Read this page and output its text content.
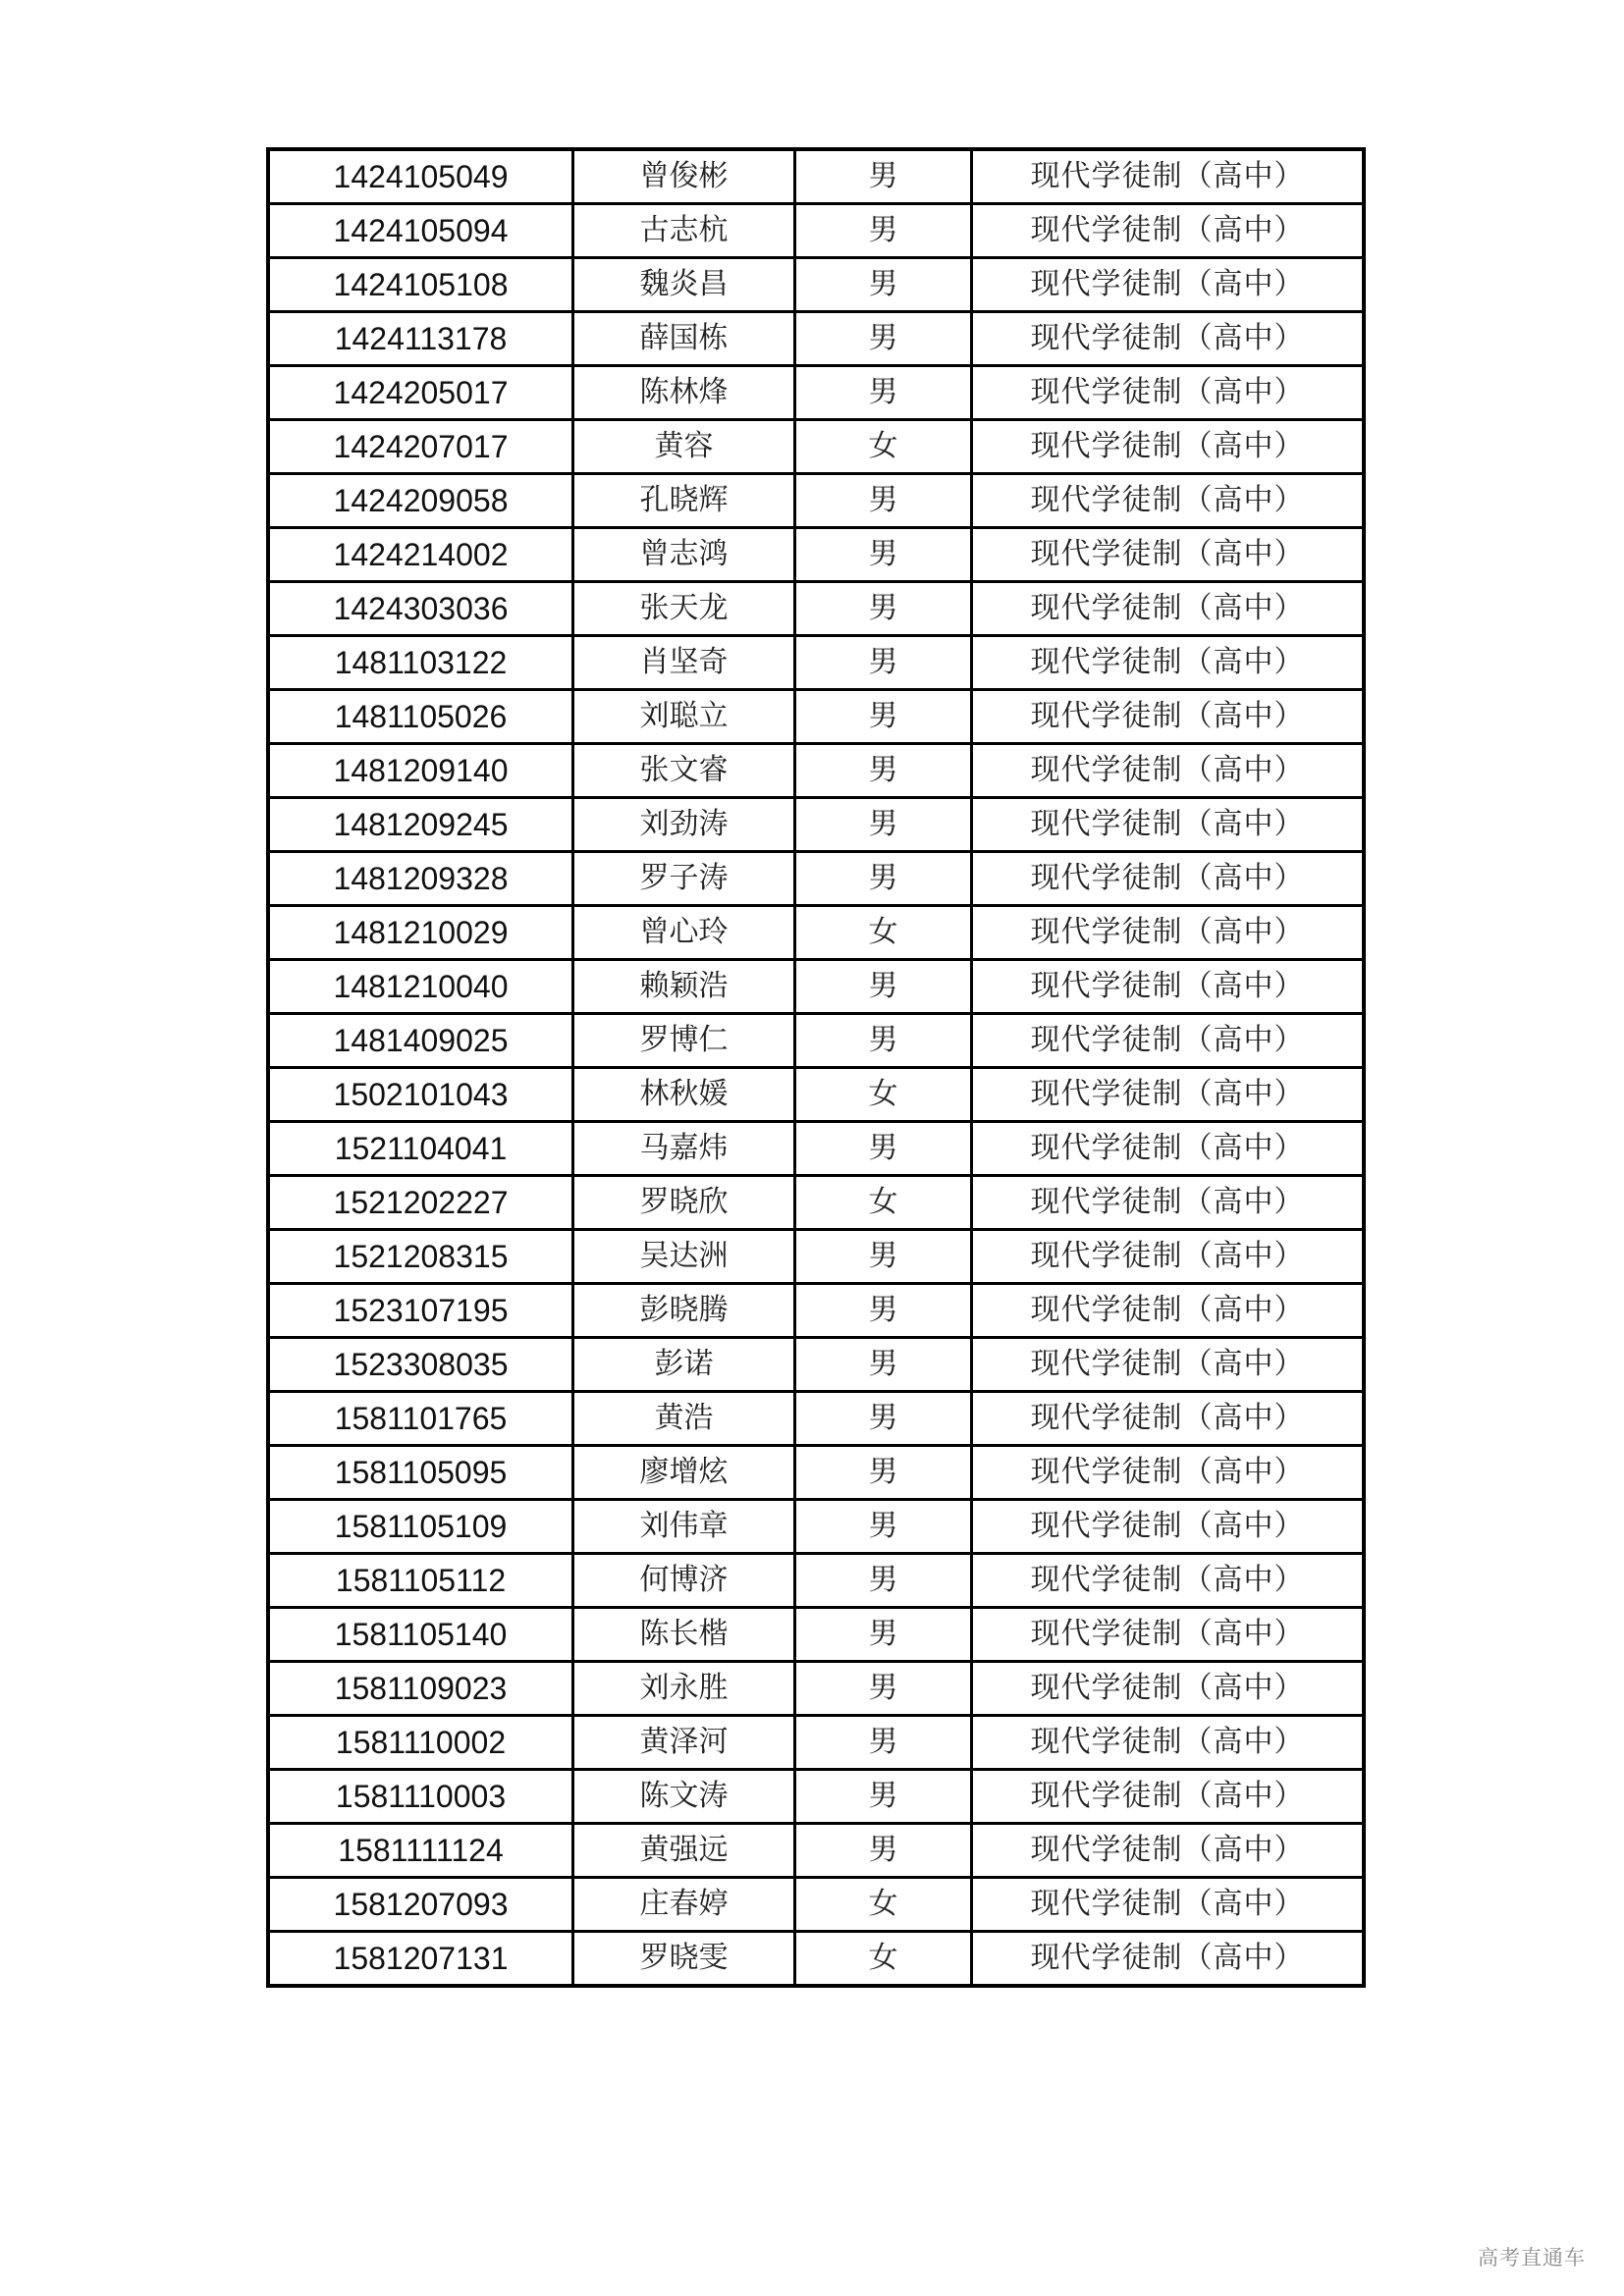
1424105049	曾俊彬	男	现代学徒制（高中）
1424105094	古志杭	男	现代学徒制（高中）
1424105108	魏炎昌	男	现代学徒制（高中）
1424113178	薛国栋	男	现代学徒制（高中）
1424205017	陈林烽	男	现代学徒制（高中）
1424207017	黄容	女	现代学徒制（高中）
1424209058	孔晓辉	男	现代学徒制（高中）
1424214002	曾志鸿	男	现代学徒制（高中）
1424303036	张天龙	男	现代学徒制（高中）
1481103122	肖坚奇	男	现代学徒制（高中）
1481105026	刘聪立	男	现代学徒制（高中）
1481209140	张文睿	男	现代学徒制（高中）
1481209245	刘劲涛	男	现代学徒制（高中）
1481209328	罗子涛	男	现代学徒制（高中）
1481210029	曾心玲	女	现代学徒制（高中）
1481210040	赖颖浩	男	现代学徒制（高中）
1481409025	罗博仁	男	现代学徒制（高中）
1502101043	林秋媛	女	现代学徒制（高中）
1521104041	马嘉炜	男	现代学徒制（高中）
1521202227	罗晓欣	女	现代学徒制（高中）
1521208315	吴达洲	男	现代学徒制（高中）
1523107195	彭晓腾	男	现代学徒制（高中）
1523308035	彭诺	男	现代学徒制（高中）
1581101765	黄浩	男	现代学徒制（高中）
1581105095	廖增炫	男	现代学徒制（高中）
1581105109	刘伟章	男	现代学徒制（高中）
1581105112	何博济	男	现代学徒制（高中）
1581105140	陈长楷	男	现代学徒制（高中）
1581109023	刘永胜	男	现代学徒制（高中）
1581110002	黄泽河	男	现代学徒制（高中）
1581110003	陈文涛	男	现代学徒制（高中）
1581111124	黄强远	男	现代学徒制（高中）
1581207093	庄春婷	女	现代学徒制（高中）
1581207131	罗晓雯	女	现代学徒制（高中）
高考直通车
